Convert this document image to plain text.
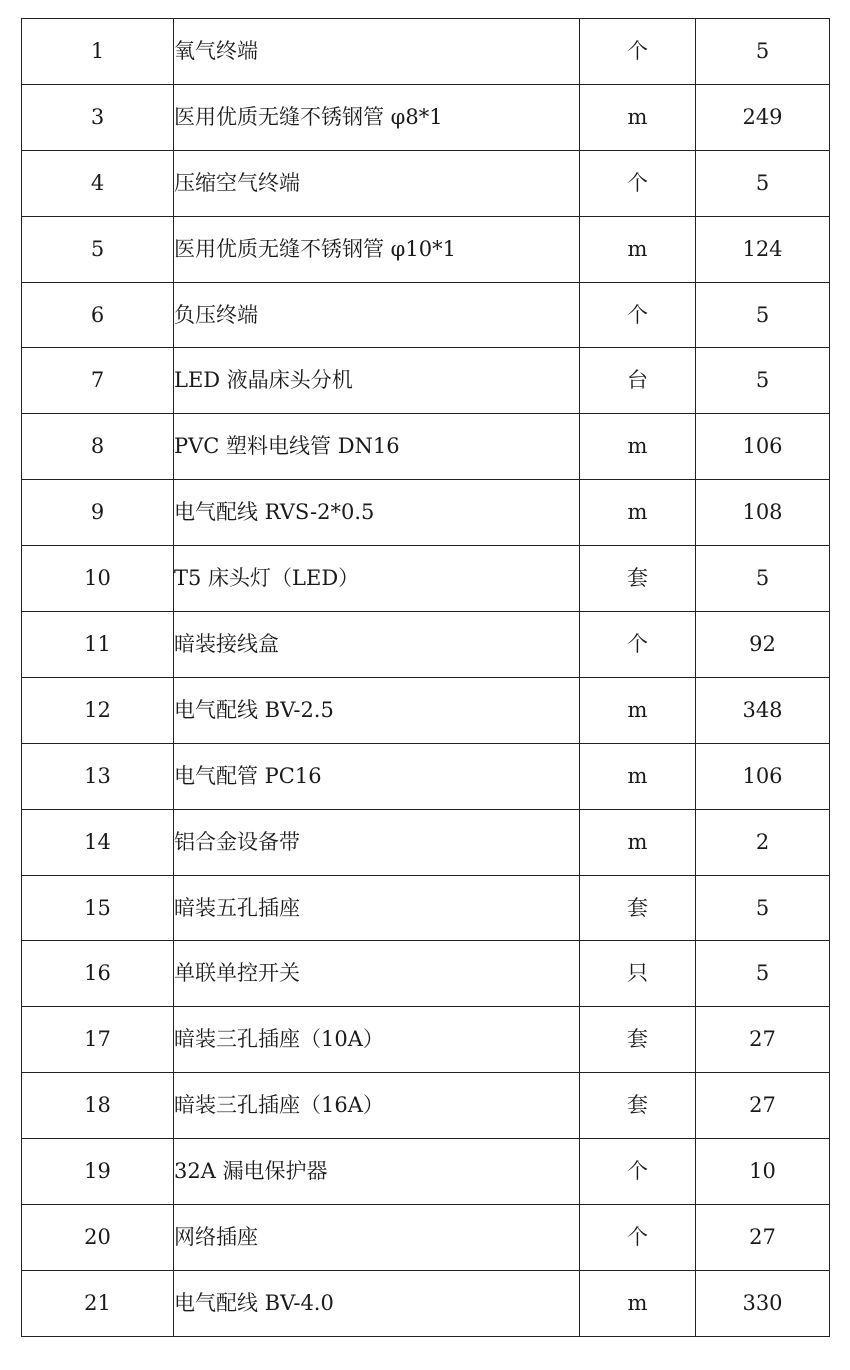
1	氧气终端	个	5
3	医用优质无缝不锈钢管 φ8*1	m	249
4	压缩空气终端	个	5
5	医用优质无缝不锈钢管 φ10*1	m	124
6	负压终端	个	5
7	LED 液晶床头分机	台	5
8	PVC 塑料电线管 DN16	m	106
9	电气配线 RVS-2*0.5	m	108
10	T5 床头灯（LED）	套	5
11	暗装接线盒	个	92
12	电气配线 BV-2.5	m	348
13	电气配管 PC16	m	106
14	铝合金设备带	m	2
15	暗装五孔插座	套	5
16	单联单控开关	只	5
17	暗装三孔插座（10A）	套	27
18	暗装三孔插座（16A）	套	27
19	32A 漏电保护器	个	10
20	网络插座	个	27
21	电气配线 BV-4.0	m	330
